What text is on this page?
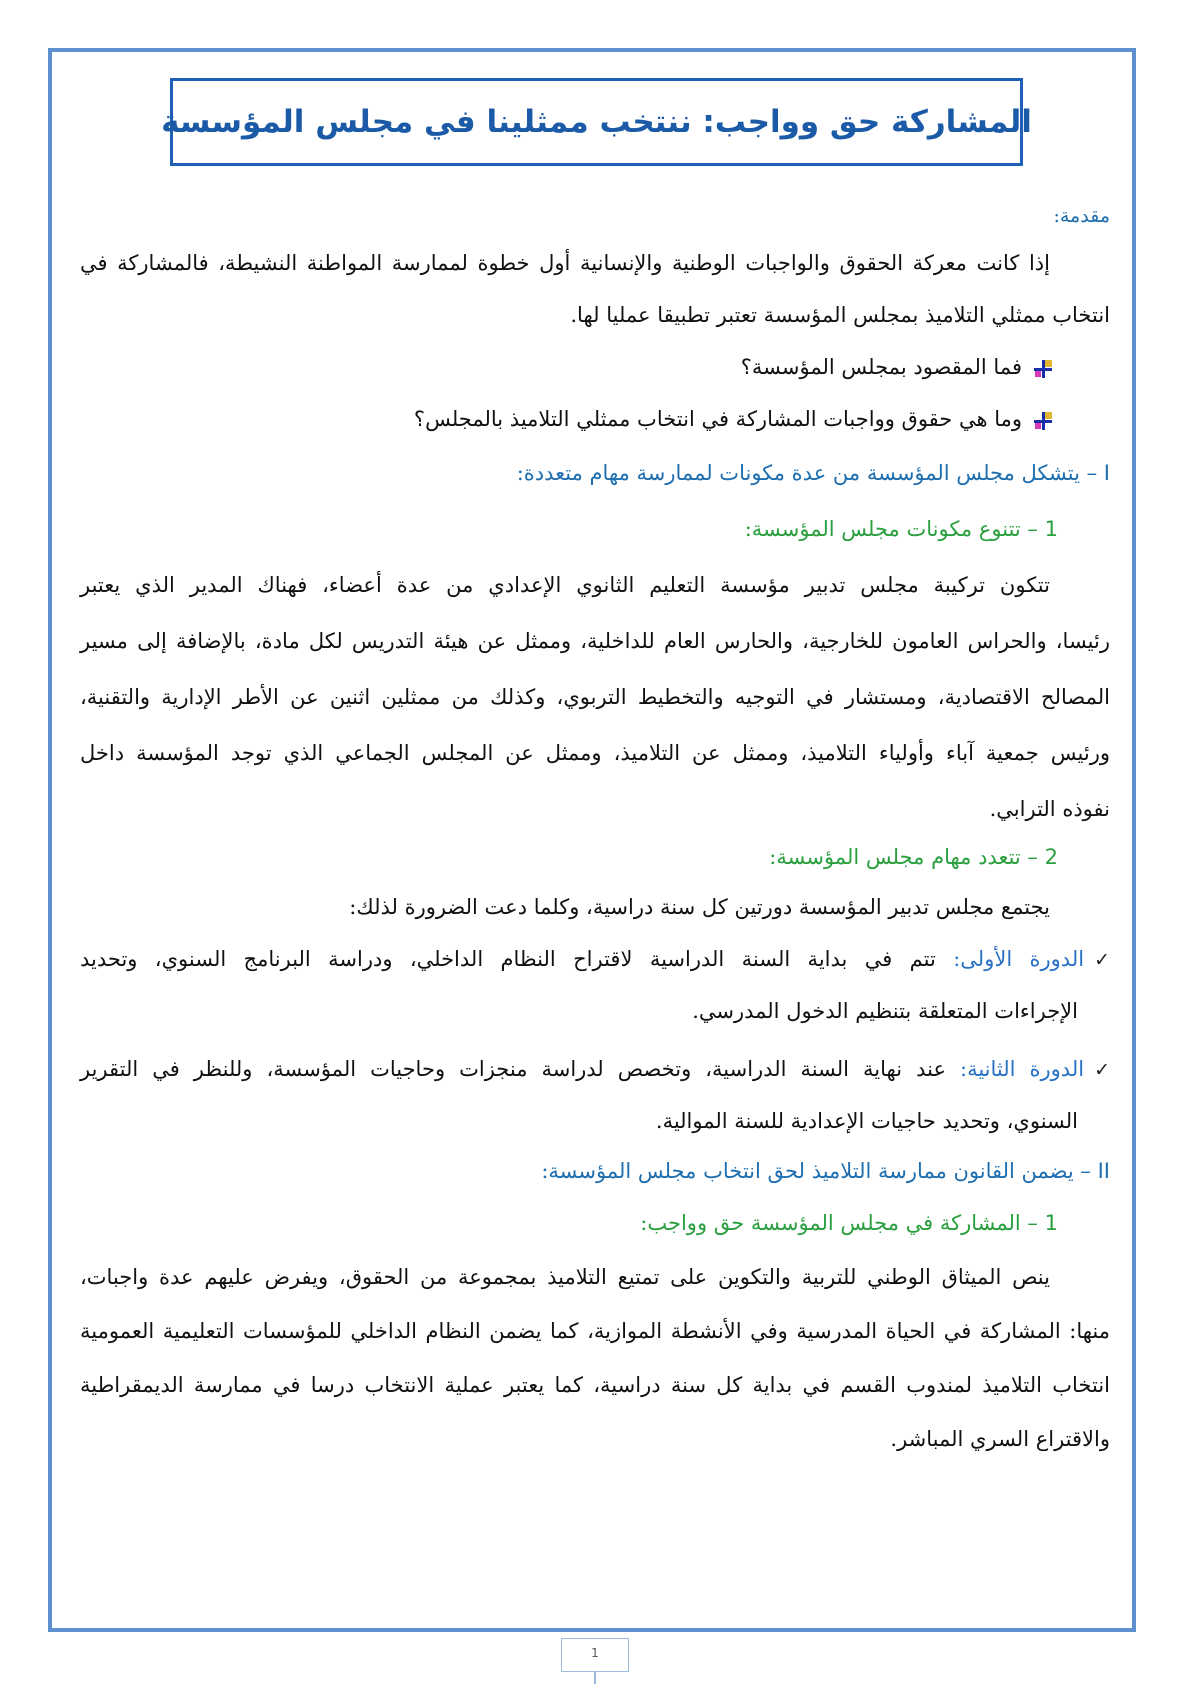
المشاركة حق وواجب: ننتخب ممثلينا في مجلس المؤسسة
مقدمة:
إذا كانت معركة الحقوق والواجبات الوطنية والإنسانية أول خطوة لممارسة المواطنة النشيطة، فالمشاركة في
انتخاب ممثلي التلاميذ بمجلس المؤسسة تعتبر تطبيقا عمليا لها.
فما المقصود بمجلس المؤسسة؟
وما هي حقوق وواجبات المشاركة في انتخاب ممثلي التلاميذ بالمجلس؟
I – يتشكل مجلس المؤسسة من عدة مكونات لممارسة مهام متعددة:
1 – تتنوع مكونات مجلس المؤسسة:
تتكون تركيبة مجلس تدبير مؤسسة التعليم الثانوي الإعدادي من عدة أعضاء، فهناك المدير الذي يعتبر
رئيسا، والحراس العامون للخارجية، والحارس العام للداخلية، وممثل عن هيئة التدريس لكل مادة، بالإضافة إلى مسير
المصالح الاقتصادية، ومستشار في التوجيه والتخطيط التربوي، وكذلك من ممثلين اثنين عن الأطر الإدارية والتقنية،
ورئيس جمعية آباء وأولياء التلاميذ، وممثل عن التلاميذ، وممثل عن المجلس الجماعي الذي توجد المؤسسة داخل
نفوذه الترابي.
2 – تتعدد مهام مجلس المؤسسة:
يجتمع مجلس تدبير المؤسسة دورتين كل سنة دراسية، وكلما دعت الضرورة لذلك:
✓الدورة الأولى: تتم في بداية السنة الدراسية لاقتراح النظام الداخلي، ودراسة البرنامج السنوي، وتحديد
الإجراءات المتعلقة بتنظيم الدخول المدرسي.
✓الدورة الثانية: عند نهاية السنة الدراسية، وتخصص لدراسة منجزات وحاجيات المؤسسة، وللنظر في التقرير
السنوي، وتحديد حاجيات الإعدادية للسنة الموالية.
II – يضمن القانون ممارسة التلاميذ لحق انتخاب مجلس المؤسسة:
1 – المشاركة في مجلس المؤسسة حق وواجب:
ينص الميثاق الوطني للتربية والتكوين على تمتيع التلاميذ بمجموعة من الحقوق، ويفرض عليهم عدة واجبات،
منها: المشاركة في الحياة المدرسية وفي الأنشطة الموازية، كما يضمن النظام الداخلي للمؤسسات التعليمية العمومية
انتخاب التلاميذ لمندوب القسم في بداية كل سنة دراسية، كما يعتبر عملية الانتخاب درسا في ممارسة الديمقراطية
والاقتراع السري المباشر.
1
